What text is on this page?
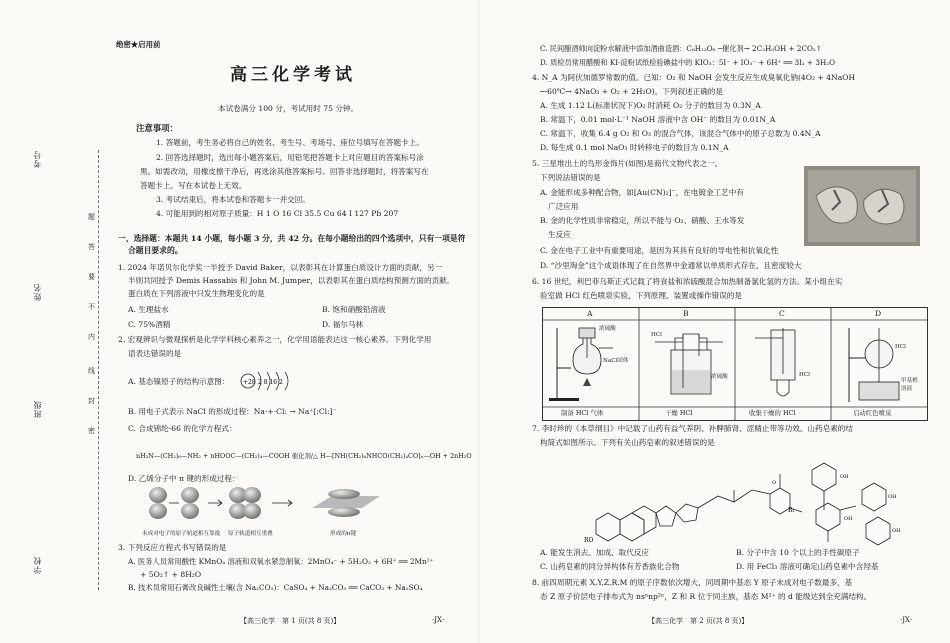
考号
姓名
班级
学校
题
答
要
不
内
线
封
密
绝密★启用前
高三化学考试
本试卷满分 100 分，考试用时 75 分钟。
注意事项：
1. 答题前，考生务必将自己的姓名、考生号、考场号、座位号填写在答题卡上。
2. 回答选择题时，选出每小题答案后，用铅笔把答题卡上对应题目的答案标号涂
黑。如需改动，用橡皮擦干净后，再选涂其他答案标号。回答非选择题时，将答案写在
答题卡上。写在本试卷上无效。
3. 考试结束后，将本试卷和答题卡一并交回。
4. 可能用到的相对原子质量：H 1 O 16 Cl 35.5 Cu 64 I 127 Pb 207
一、选择题：本题共 14 小题，每小题 3 分，共 42 分。在每小题给出的四个选项中，只有一项是符
合题目要求的。
1. 2024 年诺贝尔化学奖一半授予 David Baker，以表彰其在计算蛋白质设计方面的贡献，另一
半则共同授予 Demis Hassabis 和 John M. Jumper，以表彰其在蛋白质结构预测方面的贡献。
蛋白质在下列溶液中只发生物理变化的是
A. 生理盐水	B. 饱和硝酸铅溶液
C. 75%酒精	D. 福尔马林
2. 宏观辨识与微观探析是化学学科核心素养之一，化学用语能表达这一核心素养。下列化学用
语表达错误的是
A. 基态镍原子的结构示意图： +28 2 8 16 2
B. 用电子式表示 NaCl 的形成过程：Na·+·Cl: → Na⁺[:Cl:]⁻
C. 合成锦纶-66 的化学方程式：
nH₂N—(CH₂)₆—NH₂ + nHOOC—(CH₂)₄—COOH 催化剂/△ H—[NH(CH₂)₆NHCO(CH₂)₄CO]ₙ—OH + 2nH₂O
D. 乙烯分子中 π 键的形成过程：
未成对电子的原子轨道相互靠拢 原子轨道相互重叠	形成的π键
3. 下列反应方程式书写错误的是
A. 医务人员常用酸性 KMnO₄ 溶液和双氧水紧急制氧：2MnO₄⁻ + 5H₂O₂ + 6H⁺ ══ 2Mn²⁺
+ 5O₂↑ + 8H₂O
B. 技术员常用石膏改良碱性土壤(含 Na₂CO₃)：CaSO₄ + Na₂CO₃ ══ CaCO₃ + Na₂SO₄
【高三化学　第 1 页(共 8 页)】	·JX·
C. 民间酿酒师向淀粉水解液中添加酒曲造酒：C₆H₁₂O₆ ─催化剂→ 2C₂H₅OH + 2CO₂↑
D. 质检员常用醋酸和 KI-淀粉试纸检验碘盐中的 KIO₃：5I⁻ + IO₃⁻ + 6H⁺ ══ 3I₂ + 3H₂O
4. N_A 为阿伏加德罗常数的值。已知：O₂ 和 NaOH 会发生反应生成臭氧化钠(4O₂ + 4NaOH
─-60℃→ 4NaO₃ + O₂ + 2H₂O)。下列叙述正确的是
A. 生成 1.12 L(标准状况下)O₂ 时消耗 O₂ 分子的数目为 0.3N_A
B. 常温下，0.01 mol·L⁻¹ NaOH 溶液中含 OH⁻ 的数目为 0.01N_A
C. 常温下，收集 6.4 g O₂ 和 O₃ 的混合气体，该混合气体中的原子总数为 0.4N_A
D. 每生成 0.1 mol NaO₃ 时转移电子的数目为 0.1N_A
5. 三星堆出土的鸟形金饰片(如图)是商代文物代表之一。
下列说法错误的是
A. 金能形成多种配合物，如[Au(CN)₂]⁻，在电镀金工艺中有
广泛应用
B. 金的化学性质非常稳定，所以不能与 O₂、硝酸、王水等发
生反应
C. 金在电子工业中有重要用途，是因为其具有良好的导电性和抗氧化性
D. “沙里淘金”这个成语体现了在自然界中金通常以单质形式存在，且密度较大
6. 16 世纪，利巴菲乌斯正式记载了将食盐和浓硫酸混合加热制备氯化氢的方法。某小组在实
验室做 HCl 红色喷泉实验，下列原理、装置或操作错误的是
A	B	C	D
浓硫酸
NaCl固体
HCl
浓硫酸	HCl
HCl
甲基橙
溶液
制备 HCl 气体	干燥 HCl	收集干燥的 HCl	启动红色喷泉
7. 李时珍的《本草纲目》中记载了山药有益气养阴、补脾肺肾、涩精止带等功效。山药皂素的结
构简式如图所示。下列有关山药皂素的叙述错误的是
RO
R₁
O
OH
OH
OH
OH
A. 能发生消去、加成、取代反应	B. 分子中含 10 个以上的手性碳原子
C. 山药皂素的同分异构体有芳香族化合物	D. 用 FeCl₃ 溶液可确定山药皂素中含羟基
8. 前四周期元素 X,Y,Z,R,M 的原子序数依次增大，同周期中基态 Y 原子未成对电子数最多，基
态 Z 原子价层电子排布式为 nsⁿnp²ⁿ，Z 和 R 位于同主族，基态 M²⁺ 的 d 能级达到全充满结构。
【高三化学　第 2 页(共 8 页)】	·JX·
